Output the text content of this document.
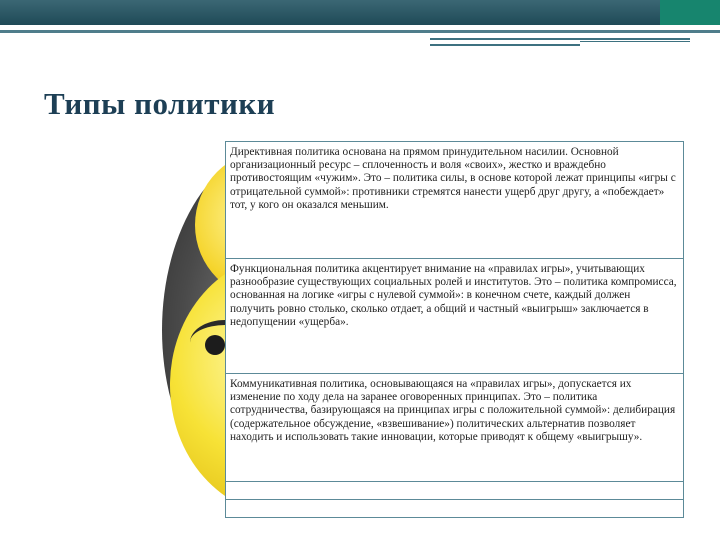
Типы политики
Директивная политика основана на прямом принудительном насилии. Основной организационный ресурс – сплоченность и воля «своих», жестко и враждебно противостоящим «чужим». Это – политика силы, в основе которой лежат принципы «игры с отрицательной суммой»: противники стремятся нанести ущерб друг другу, а «побеждает» тот, у кого он оказался меньшим.
Функциональная политика акцентирует внимание на «правилах игры», учитывающих разнообразие существующих социальных ролей и институтов. Это – политика компромисса, основанная на логике «игры с нулевой суммой»: в конечном счете, каждый должен получить ровно столько, сколько отдает, а общий и частный «выигрыш» заключается в недопущении «ущерба».
Коммуникативная политика, основывающаяся на «правилах игры», допускается их изменение по ходу дела на заранее оговоренных принципах. Это – политика сотрудничества, базирующаяся на принципах игры с положительной суммой»: делибирация (содержательное обсуждение, «взвешивание») политических альтернатив позволяет находить и использовать такие инновации, которые приводят к общему «выигрышу».
